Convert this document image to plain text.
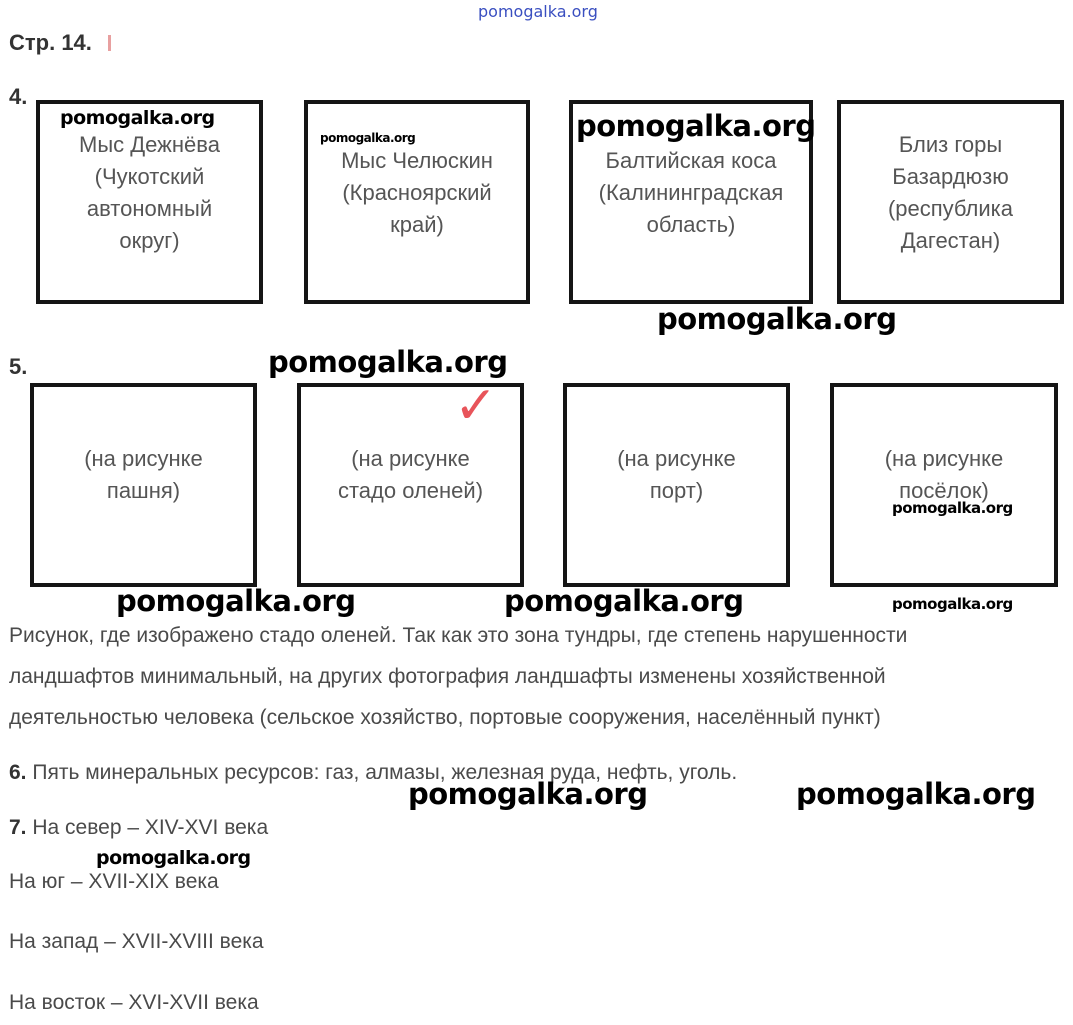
pomogalka.org
Стр. 14.
4.
Мыс Дежнёва
(Чукотский
автономный
округ)
Мыс Челюскин
(Красноярский
край)
Балтийская коса
(Калининградская
область)
Близ горы
Базардюзю
(республика
Дагестан)
5.
(на рисунке
пашня)
(на рисунке
стадо оленей)
✓
(на рисунке
порт)
(на рисунке
посёлок)
Рисунок, где изображено стадо оленей. Так как это зона тундры, где степень нарушенности
ландшафтов минимальный, на других фотография ландшафты изменены хозяйственной
деятельностью человека (сельское хозяйство, портовые сооружения, населённый пункт)
6. Пять минеральных ресурсов: газ, алмазы, железная руда, нефть, уголь.
7. На север – XIV-XVI века
На юг – XVII-XIX века
На запад – XVII-XVIII века
На восток – XVI-XVII века
pomogalka.org
pomogalka.org	pomogalka.org
pomogalka.org
pomogalka.org
pomogalka.org
pomogalka.org	pomogalka.org	pomogalka.org
pomogalka.org	pomogalka.org
pomogalka.org
